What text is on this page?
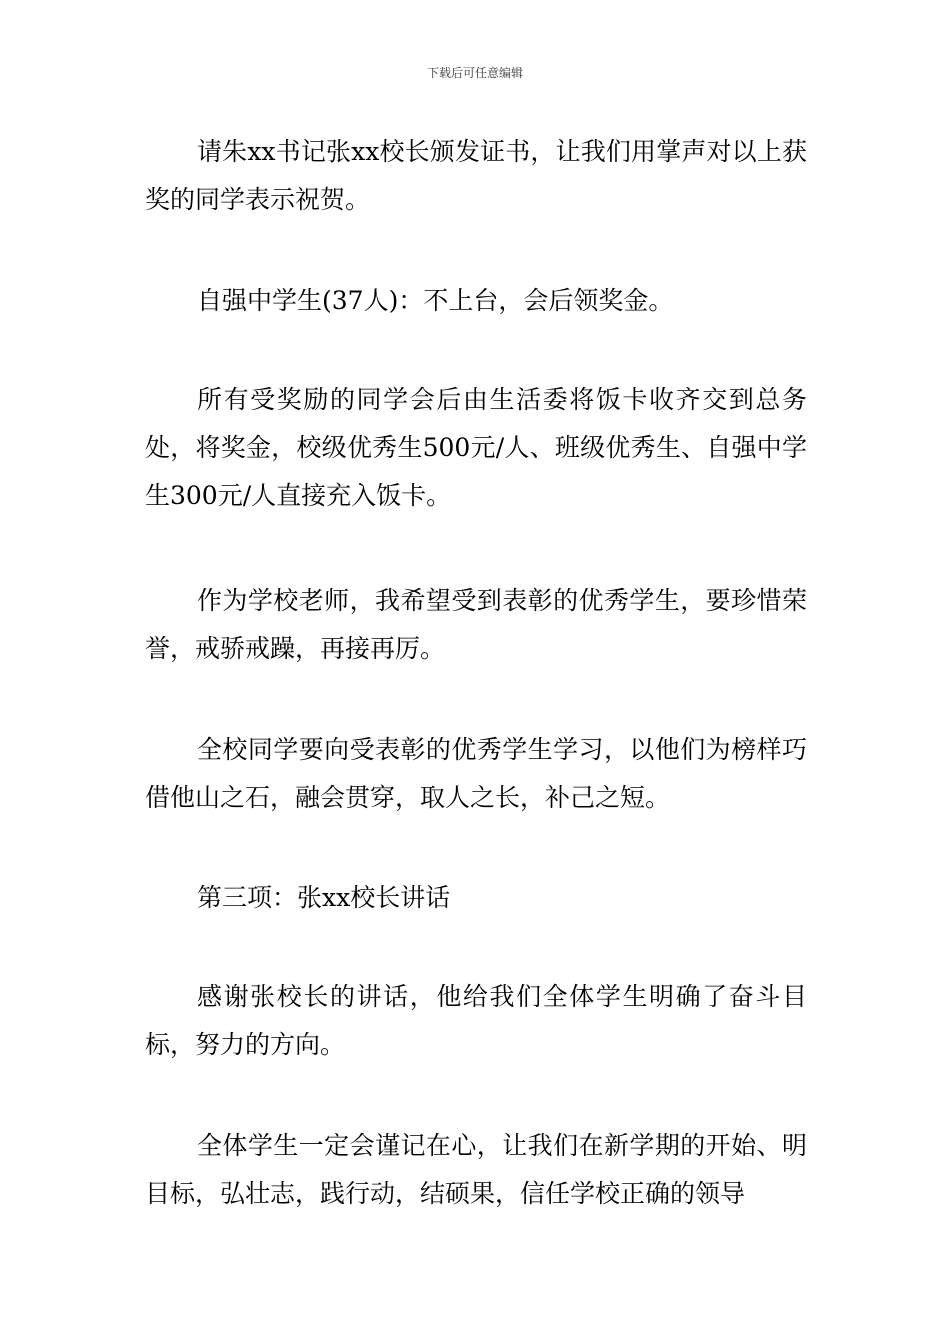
下载后可任意编辑

请朱xx书记张xx校长颁发证书，让我们用掌声对以上获奖的同学表示祝贺。

自强中学生(37人)：不上台，会后领奖金。

所有受奖励的同学会后由生活委将饭卡收齐交到总务处，将奖金，校级优秀生500元/人、班级优秀生、自强中学生300元/人直接充入饭卡。

作为学校老师，我希望受到表彰的优秀学生，要珍惜荣誉，戒骄戒躁，再接再厉。

全校同学要向受表彰的优秀学生学习，以他们为榜样巧借他山之石，融会贯穿，取人之长，补己之短。

第三项：张xx校长讲话

感谢张校长的讲话，他给我们全体学生明确了奋斗目标，努力的方向。

全体学生一定会谨记在心，让我们在新学期的开始、明目标，弘壮志，践行动，结硕果，信任学校正确的领导
